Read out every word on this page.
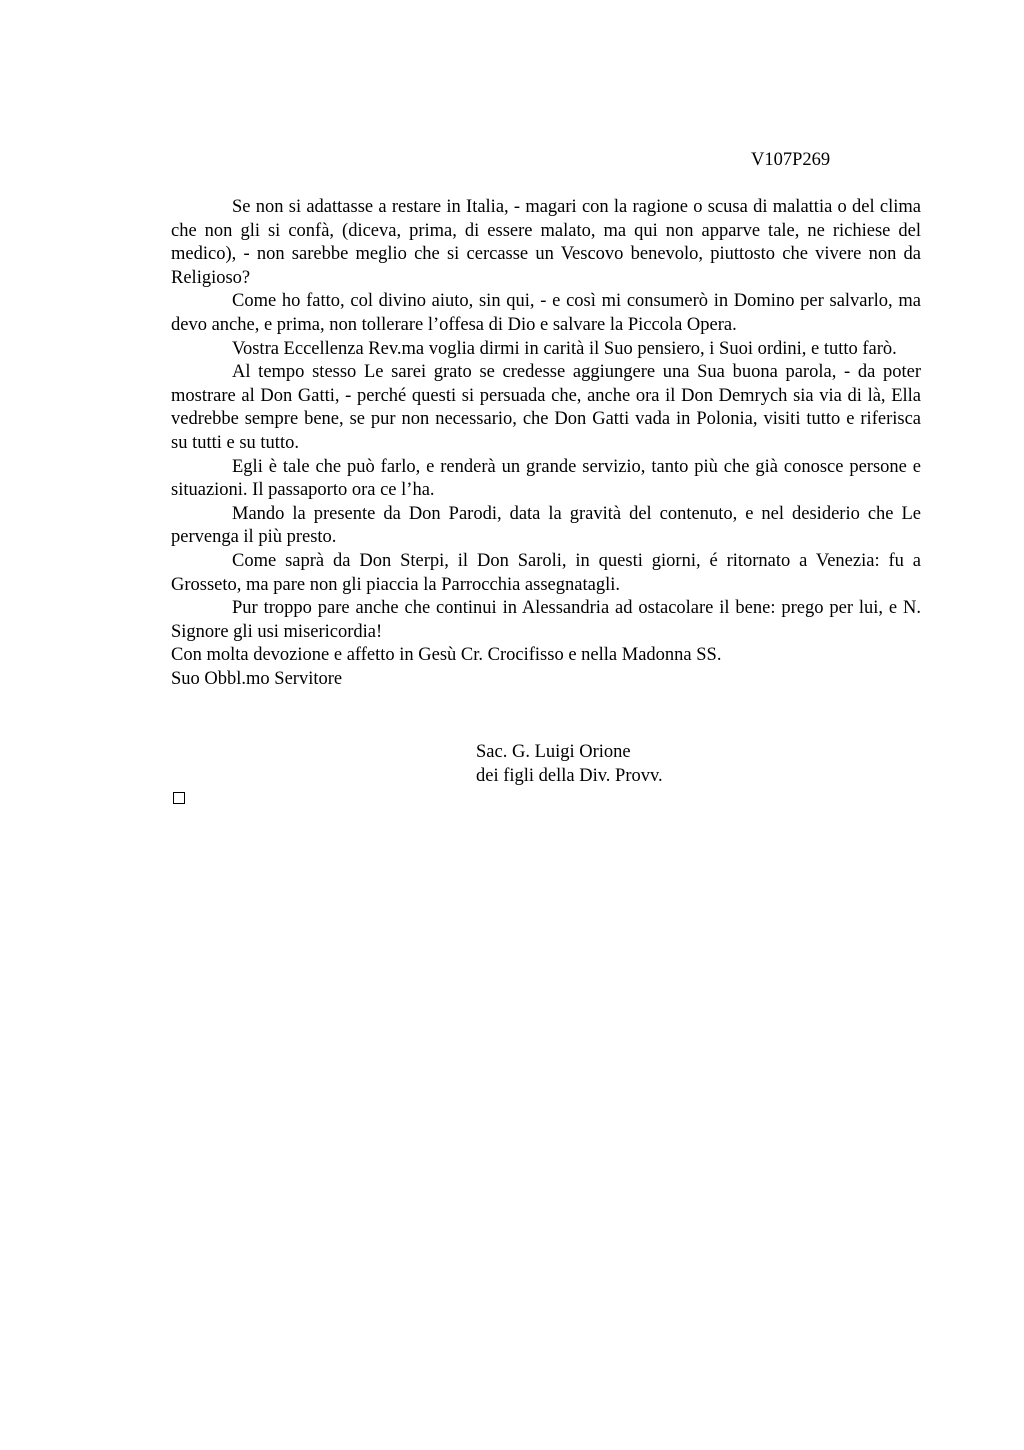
V107P269

Se non si adattasse a restare in Italia, - magari con la ragione o scusa di malattia o del clima che non gli si confà, (diceva, prima, di essere malato, ma qui non apparve tale, ne richiese del medico), - non sarebbe meglio che si cercasse un Vescovo benevolo, piuttosto che vivere non da Religioso?

Come ho fatto, col divino aiuto, sin qui, - e così mi consumerò in Domino per salvarlo, ma devo anche, e prima, non tollerare l’offesa di Dio e salvare la Piccola Opera.

Vostra Eccellenza Rev.ma voglia dirmi in carità il Suo pensiero, i Suoi ordini, e tutto farò.

Al tempo stesso Le sarei grato se credesse aggiungere una Sua buona parola, - da poter mostrare al Don Gatti, - perché questi si persuada che, anche ora il Don Demrych sia via di là, Ella vedrebbe sempre bene, se pur non necessario, che Don Gatti vada in Polonia, visiti tutto e riferisca su tutti e su tutto.

Egli è tale che può farlo, e renderà un grande servizio, tanto più che già conosce persone e situazioni. Il passaporto ora ce l’ha.

Mando la presente da Don Parodi, data la gravità del contenuto, e nel desiderio che Le pervenga il più presto.

Come saprà da Don Sterpi, il Don Saroli, in questi giorni, é ritornato a Venezia: fu a Grosseto, ma pare non gli piaccia la Parrocchia assegnatagli.

Pur troppo pare anche che continui in Alessandria ad ostacolare il bene: prego per lui, e N. Signore gli usi misericordia!

Con molta devozione e affetto in Gesù Cr. Crocifisso e nella Madonna SS.

Suo Obbl.mo Servitore

Sac. G. Luigi Orione

dei figli della Div. Provv.
